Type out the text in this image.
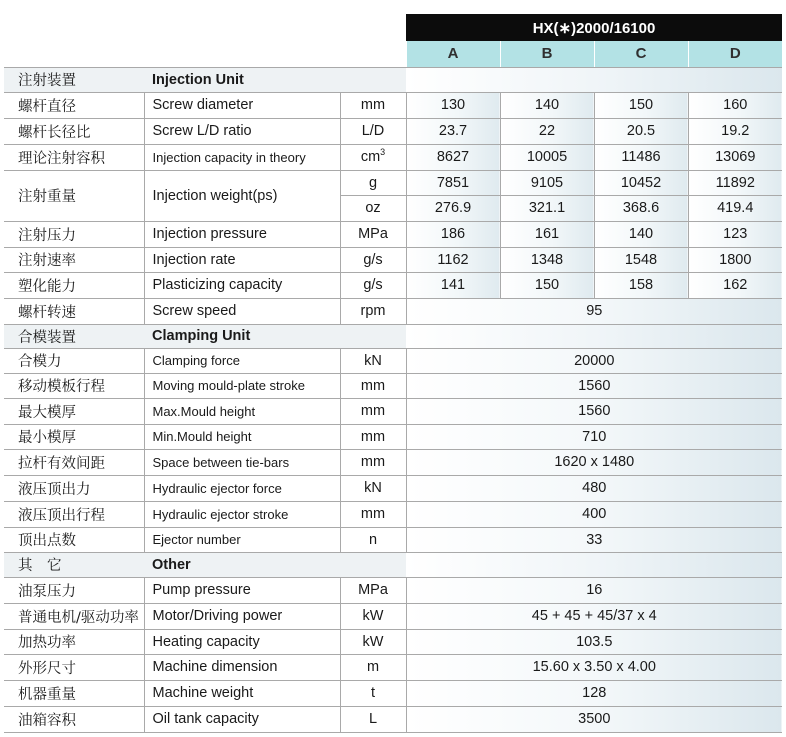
			HX(∗)2000/16100			
			A	B	C	D
注射装置	Injection Unit					
螺杆直径	Screw diameter	mm	130	140	150	160
螺杆长径比	Screw L/D ratio	L/D	23.7	22	20.5	19.2
理论注射容积	Injection capacity in theory	$cm^3$	8627	10005	11486	13069
注射重量	Injection weight(ps)	g	7851	9105	10452	11892
		oz	276.9	321.1	368.6	419.4
注射压力	Injection pressure	MPa	186	161	140	123
注射速率	Injection rate	g/s	1162	1348	1548	1800
塑化能力	Plasticizing capacity	g/s	141	150	158	162
螺杆转速	Screw speed	rpm	95			
合模装置	Clamping Unit					
合模力	Clamping force	kN	20000			
移动模板行程	Moving mould-plate stroke	mm	1560			
最大模厚	Max.Mould height	mm	1560			
最小模厚	Min.Mould height	mm	710			
拉杆有效间距	Space between tie-bars	mm	1620 x 1480			
液压顶出力	Hydraulic ejector force	kN	480			
液压顶出行程	Hydraulic ejector stroke	mm	400			
顶出点数	Ejector number	n	33			
其　它	Other					
油泵压力	Pump pressure	MPa	16			
普通电机/驱动功率	Motor/Driving power	kW	45 + 45 + 45/37 x 4			
加热功率	Heating capacity	kW	103.5			
外形尺寸	Machine dimension	m	15.60 x 3.50 x 4.00			
机器重量	Machine weight	t	128			
油箱容积	Oil tank capacity	L	3500			
